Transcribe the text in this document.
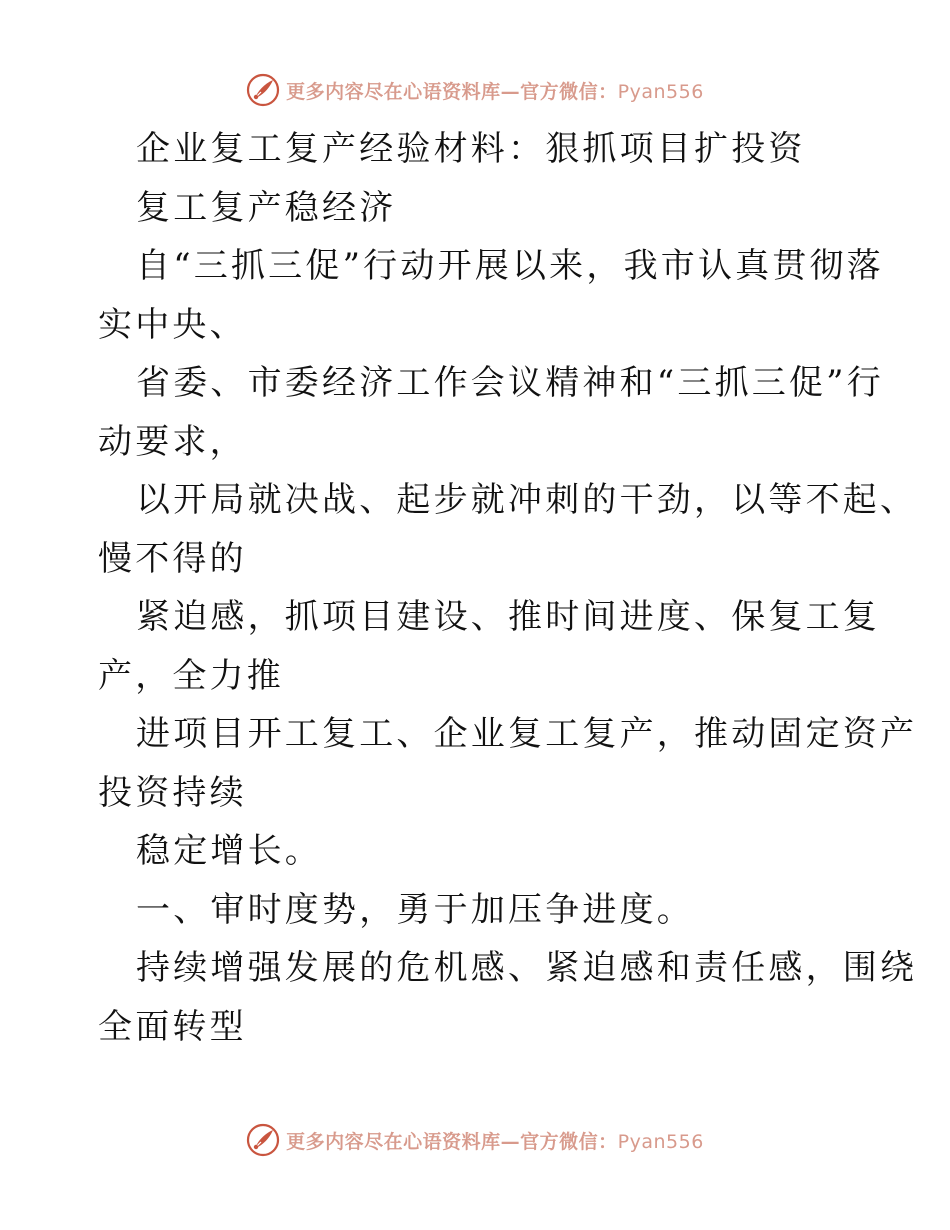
更多内容尽在心语资料库—官方微信：Pyan556
企业复工复产经验材料：狠抓项目扩投资
复工复产稳经济
自“三抓三促”行动开展以来，我市认真贯彻落
实中央、
省委、市委经济工作会议精神和“三抓三促”行
动要求，
以开局就决战、起步就冲刺的干劲，以等不起、
慢不得的
紧迫感，抓项目建设、推时间进度、保复工复
产，全力推
进项目开工复工、企业复工复产，推动固定资产
投资持续
稳定增长。
一、审时度势，勇于加压争进度。
持续增强发展的危机感、紧迫感和责任感，围绕
全面转型
更多内容尽在心语资料库—官方微信：Pyan556
